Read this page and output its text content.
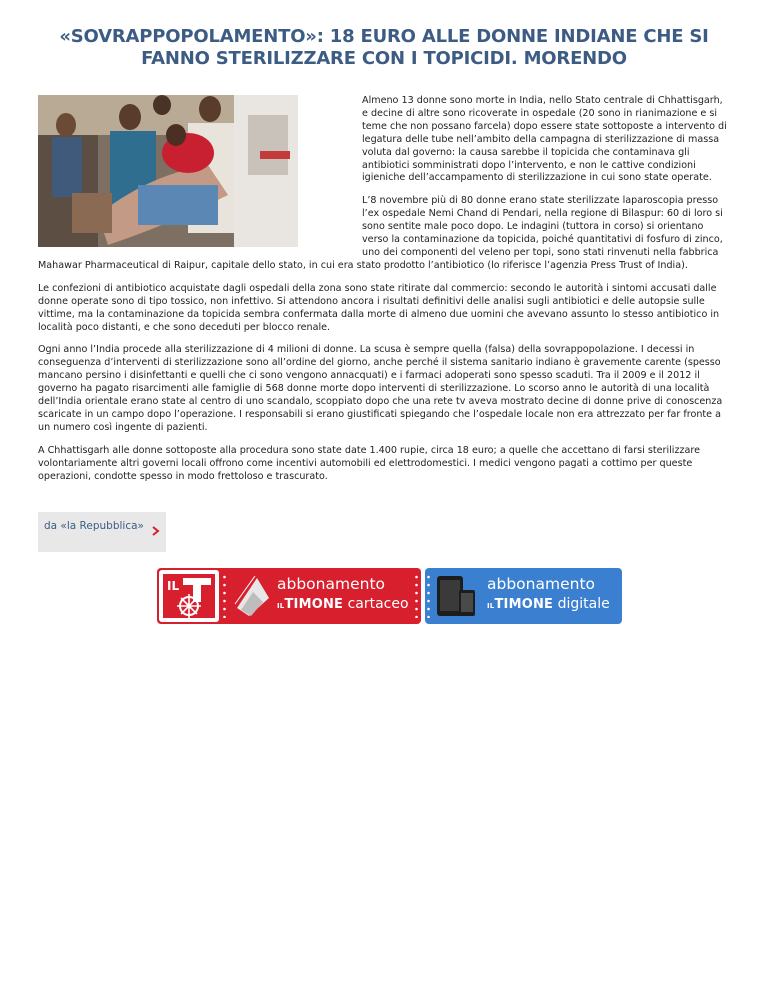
«SOVRAPPOPOLAMENTO»: 18 EURO ALLE DONNE INDIANE CHE SI FANNO STERILIZZARE CON I TOPICIDI. MORENDO

Almeno 13 donne sono morte in India, nello Stato centrale di Chhattisgarh, e decine di altre sono ricoverate in ospedale (20 sono in rianimazione e si teme che non possano farcela) dopo essere state sottoposte a intervento di legatura delle tube nell’ambito della campagna di sterilizzazione di massa voluta dal governo: la causa sarebbe il topicida che contaminava gli antibiotici somministrati dopo l’intervento, e non le cattive condizioni igieniche dell’accampamento di sterilizzazione in cui sono state operate.

L’8 novembre più di 80 donne erano state sterilizzate laparoscopia presso l’ex ospedale Nemi Chand di Pendari, nella regione di Bilaspur: 60 di loro si sono sentite male poco dopo. Le indagini (tuttora in corso) si orientano verso la contaminazione da topicida, poiché quantitativi di fosfuro di zinco, uno dei componenti del veleno per topi, sono stati rinvenuti nella fabbrica Mahawar Pharmaceutical di Raipur, capitale dello stato, in cui era stato prodotto l’antibiotico (lo riferisce l’agenzia Press Trust of India).

Le confezioni di antibiotico acquistate dagli ospedali della zona sono state ritirate dal commercio: secondo le autorità i sintomi accusati dalle donne operate sono di tipo tossico, non infettivo. Si attendono ancora i risultati definitivi delle analisi sugli antibiotici e delle autopsie sulle vittime, ma la contaminazione da topicida sembra confermata dalla morte di almeno due uomini che avevano assunto lo stesso antibiotico in località poco distanti, e che sono deceduti per blocco renale.

Ogni anno l’India procede alla sterilizzazione di 4 milioni di donne. La scusa è sempre quella (falsa) della sovrappopolazione. I decessi in conseguenza d’interventi di sterilizzazione sono all’ordine del giorno, anche perché il sistema sanitario indiano è gravemente carente (spesso mancano persino i disinfettanti e quelli che ci sono vengono annacquati) e i farmaci adoperati sono spesso scaduti. Tra il 2009 e il 2012 il governo ha pagato risarcimenti alle famiglie di 568 donne morte dopo interventi di sterilizzazione. Lo scorso anno le autorità di una località dell’India orientale erano state al centro di uno scandalo, scoppiato dopo che una rete tv aveva mostrato decine di donne prive di conoscenza scaricate in un campo dopo l’operazione. I responsabili si erano giustificati spiegando che l’ospedale locale non era attrezzato per far fronte a un numero così ingente di pazienti.

A Chhattisgarh alle donne sottoposte alla procedura sono state date 1.400 rupie, circa 18 euro; a quelle che accettano di farsi sterilizzare volontariamente altri governi locali offrono come incentivi automobili ed elettrodomestici. I medici vengono pagati a cottimo per queste operazioni, condotte spesso in modo frettoloso e trascurato.

da «la Repubblica»
IL	abbonamento
ILTIMONE cartaceo
abbonamento
ILTIMONE digitale
